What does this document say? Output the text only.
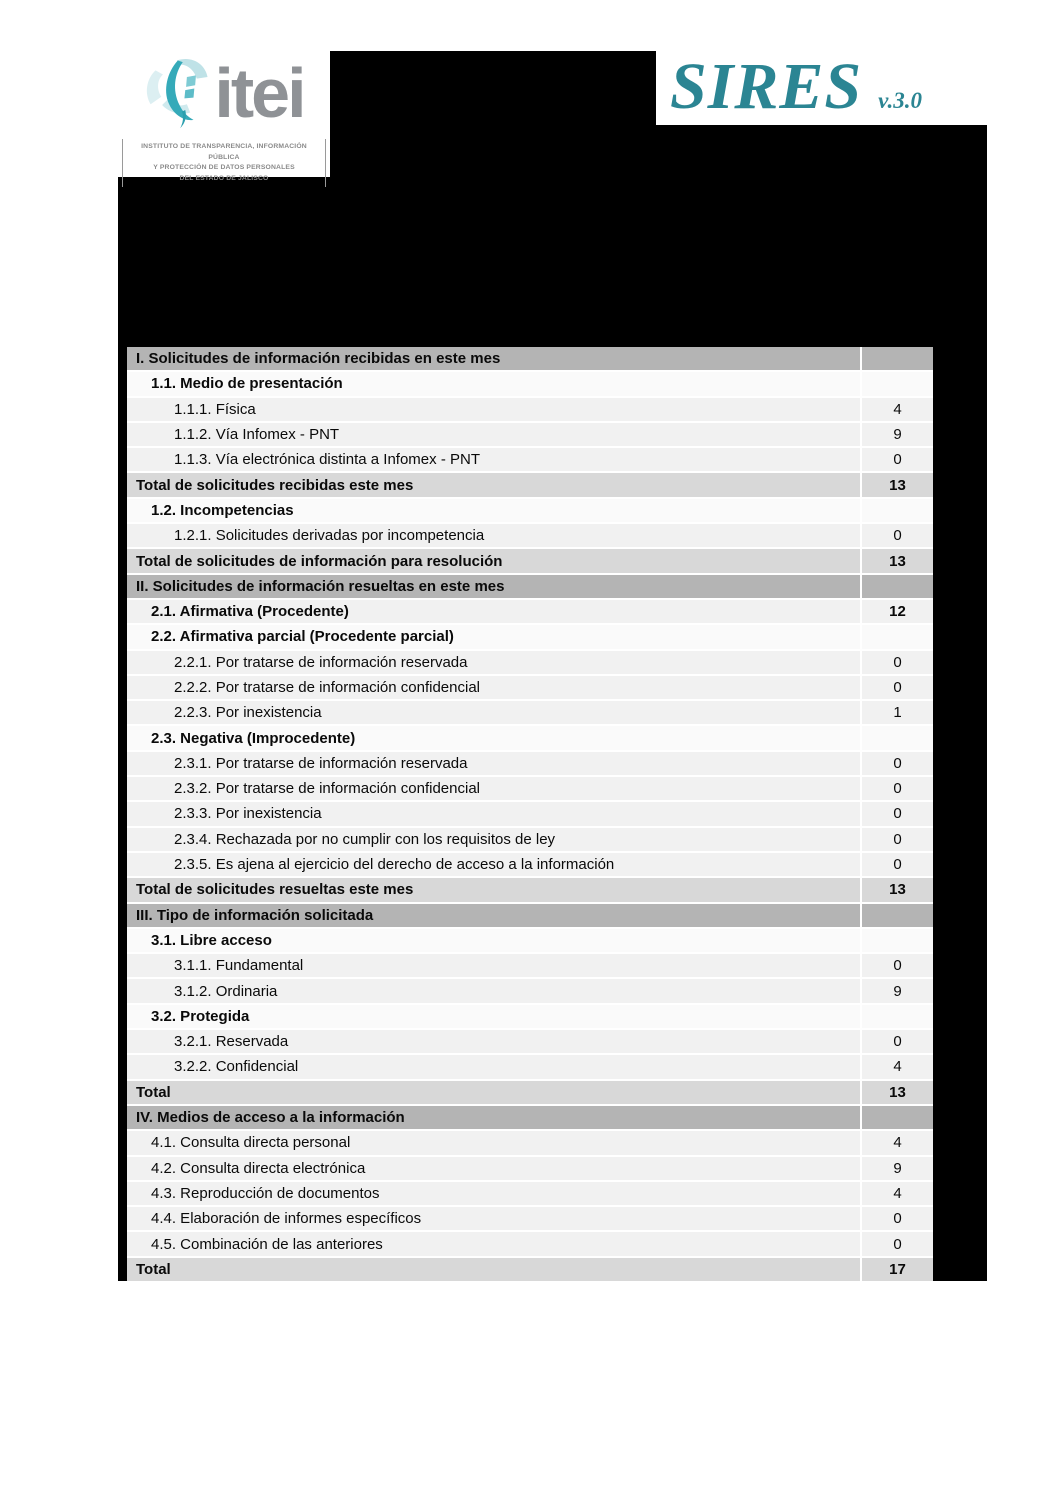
itei
INSTITUTO DE TRANSPARENCIA, INFORMACIÓN PÚBLICA
Y PROTECCIÓN DE DATOS PERSONALES
DEL ESTADO DE JALISCO
SIRES v.3.0
I. Solicitudes de información recibidas en este mes
1.1. Medio de presentación
1.1.1. Física	4
1.1.2. Vía Infomex - PNT	9
1.1.3. Vía electrónica distinta a Infomex - PNT	0
Total de solicitudes recibidas este mes	13
1.2. Incompetencias
1.2.1. Solicitudes derivadas por incompetencia	0
Total de solicitudes de información para resolución	13
II. Solicitudes de información resueltas en este mes
2.1. Afirmativa (Procedente)	12
2.2. Afirmativa parcial (Procedente parcial)
2.2.1. Por tratarse de información reservada	0
2.2.2. Por tratarse de información confidencial	0
2.2.3. Por inexistencia	1
2.3. Negativa (Improcedente)
2.3.1. Por tratarse de información reservada	0
2.3.2. Por tratarse de información confidencial	0
2.3.3. Por inexistencia	0
2.3.4. Rechazada por no cumplir con los requisitos de ley	0
2.3.5. Es ajena al ejercicio del derecho de acceso a la información	0
Total de solicitudes resueltas este mes	13
III. Tipo de información solicitada
3.1. Libre acceso
3.1.1. Fundamental	0
3.1.2. Ordinaria	9
3.2. Protegida
3.2.1. Reservada	0
3.2.2. Confidencial	4
Total	13
IV. Medios de acceso a la información
4.1. Consulta directa personal	4
4.2. Consulta directa electrónica	9
4.3. Reproducción de documentos	4
4.4. Elaboración de informes específicos	0
4.5. Combinación de las anteriores	0
Total	17
